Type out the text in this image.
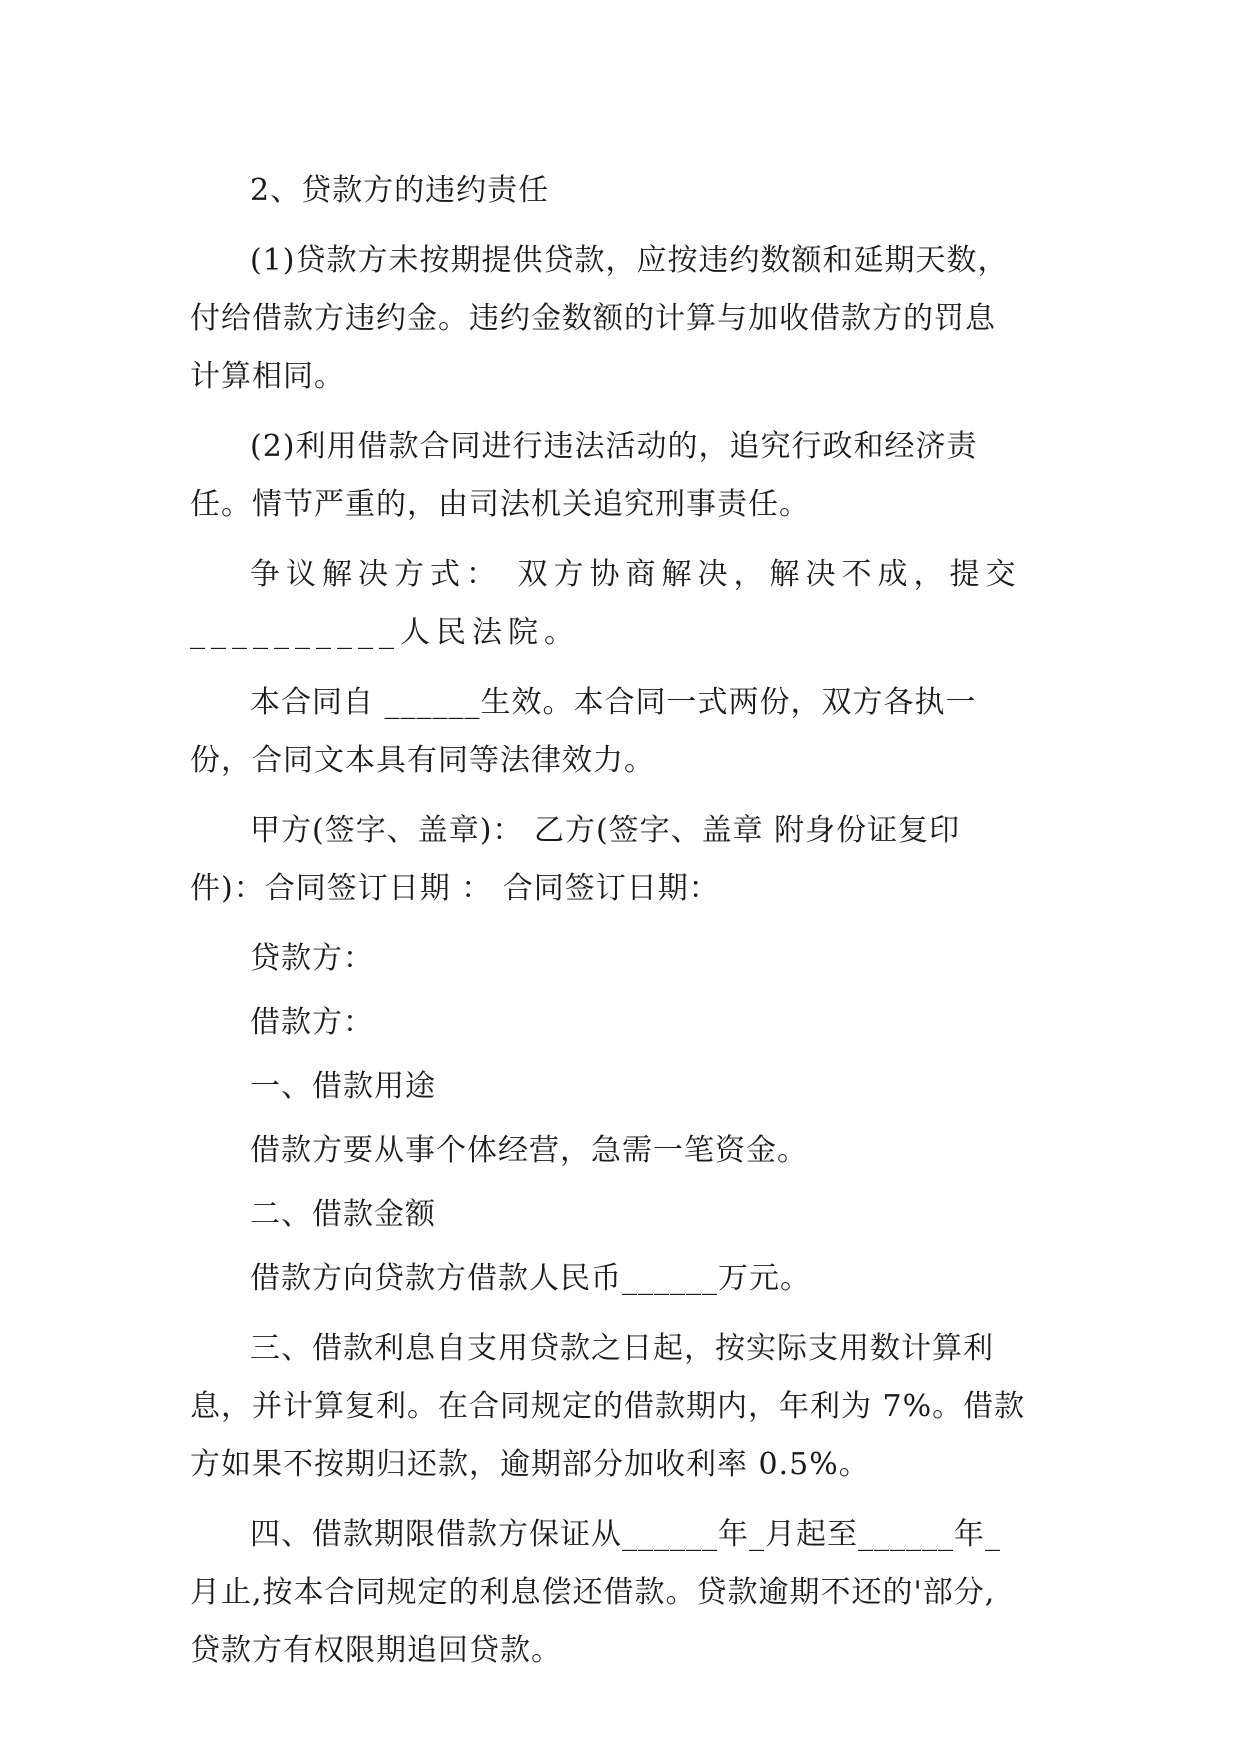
2、贷款方的违约责任

(1)贷款方未按期提供贷款，应按违约数额和延期天数，
付给借款方违约金。违约金数额的计算与加收借款方的罚息
计算相同。

(2)利用借款合同进行违法活动的，追究行政和经济责
任。情节严重的，由司法机关追究刑事责任。

争议解决方式： 双方协商解决，解决不成，提交
__________人民法院。

本合同自 ______生效。本合同一式两份，双方各执一
份，合同文本具有同等法律效力。

甲方(签字、盖章)： 乙方(签字、盖章 附身份证复印
件)：合同签订日期 ： 合同签订日期：

贷款方：

借款方：

一、借款用途

借款方要从事个体经营，急需一笔资金。

二、借款金额

借款方向贷款方借款人民币______万元。

三、借款利息自支用贷款之日起，按实际支用数计算利
息，并计算复利。在合同规定的借款期内，年利为 7%。借款
方如果不按期归还款，逾期部分加收利率 0.5%。

四、借款期限借款方保证从______年_月起至______年_
月止,按本合同规定的利息偿还借款。贷款逾期不还的'部分,
贷款方有权限期追回贷款。
